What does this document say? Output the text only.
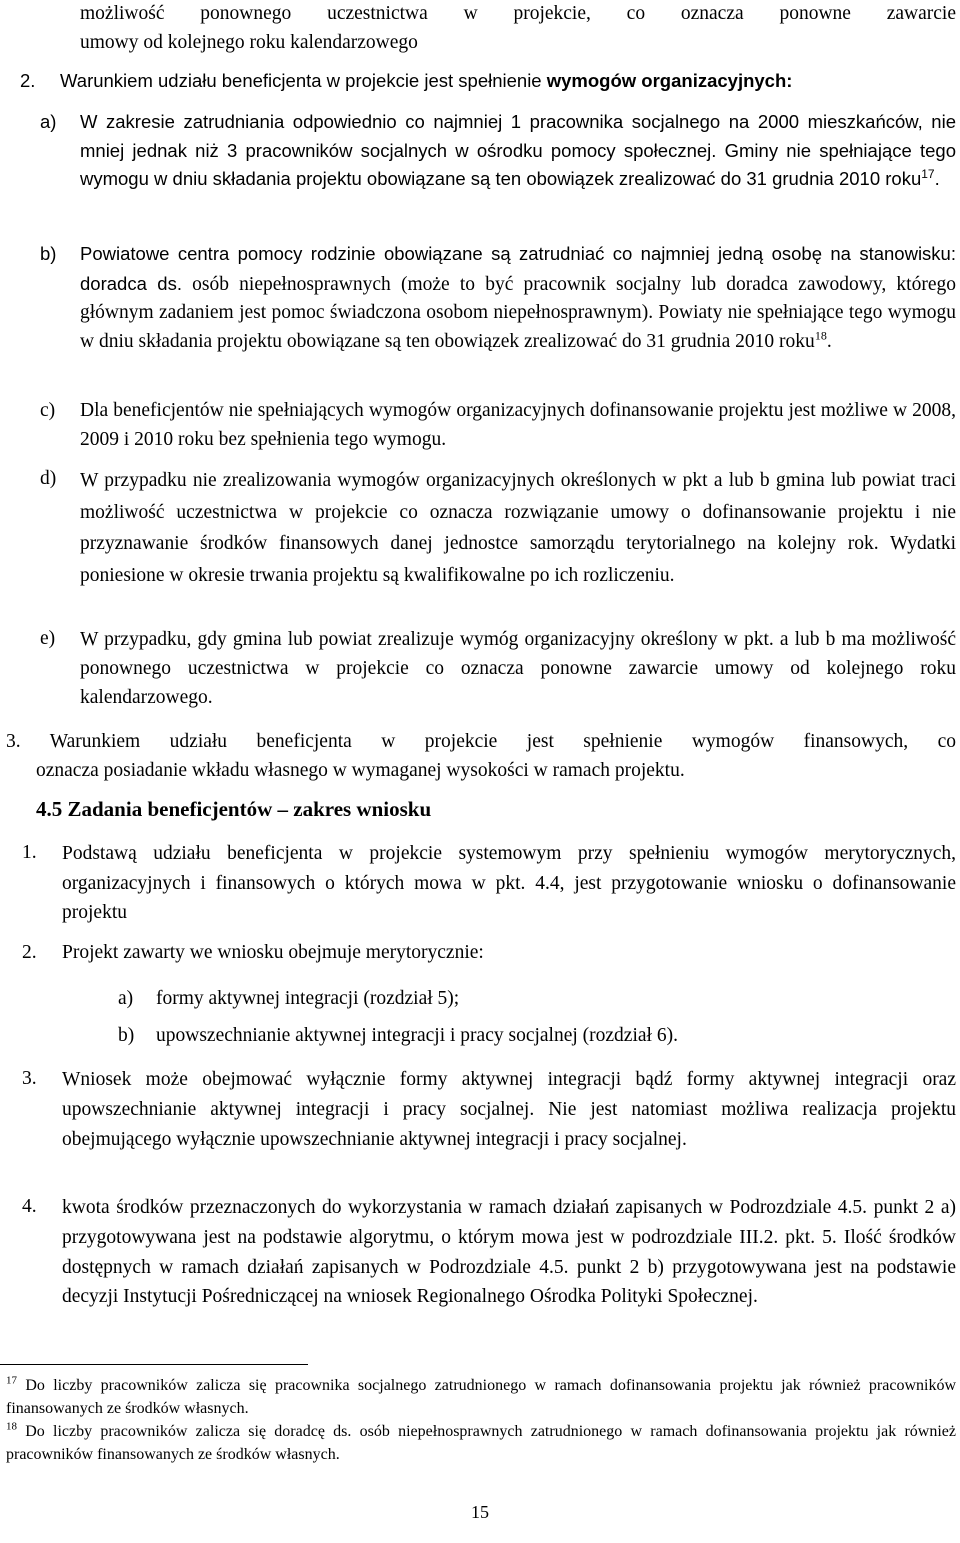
możliwość ponownego uczestnictwa w projekcie, co oznacza ponowne zawarcie
umowy od kolejnego roku kalendarzowego
2.	Warunkiem udziału beneficjenta w projekcie jest spełnienie wymogów organizacyjnych:
a)	W zakresie zatrudniania odpowiednio co najmniej 1 pracownika socjalnego na 2000 mieszkańców, nie mniej jednak niż 3 pracowników socjalnych w ośrodku pomocy społecznej. Gminy nie spełniające tego wymogu w dniu składania projektu obowiązane są ten obowiązek zrealizować do 31 grudnia 2010 roku$^{17}$.
b)	Powiatowe centra pomocy rodzinie obowiązane są zatrudniać co najmniej jedną osobę na stanowisku: doradca ds. osób niepełnosprawnych (może to być pracownik socjalny lub doradca zawodowy, którego głównym zadaniem jest pomoc świadczona osobom niepełnosprawnym). Powiaty nie spełniające tego wymogu w dniu składania projektu obowiązane są ten obowiązek zrealizować do 31 grudnia 2010 roku$^{18}$.
c)	Dla beneficjentów nie spełniających wymogów organizacyjnych dofinansowanie projektu jest możliwe w 2008, 2009 i 2010 roku bez spełnienia tego wymogu.
d)	W przypadku nie zrealizowania wymogów organizacyjnych określonych w pkt a lub b gmina lub powiat traci możliwość uczestnictwa w projekcie co oznacza rozwiązanie umowy o dofinansowanie projektu i nie przyznawanie środków finansowych danej jednostce samorządu terytorialnego na kolejny rok. Wydatki poniesione w okresie trwania projektu są kwalifikowalne po ich rozliczeniu.
e)	W przypadku, gdy gmina lub powiat zrealizuje wymóg organizacyjny określony w pkt. a lub b ma możliwość ponownego uczestnictwa w projekcie co oznacza ponowne zawarcie umowy od kolejnego roku kalendarzowego.
3. Warunkiem udziału beneficjenta w projekcie jest spełnienie wymogów finansowych, co
oznacza posiadanie wkładu własnego w wymaganej wysokości w ramach projektu.
4.5 Zadania beneficjentów – zakres wniosku
1.	Podstawą udziału beneficjenta w projekcie systemowym przy spełnieniu wymogów merytorycznych, organizacyjnych i finansowych o których mowa w pkt. 4.4, jest przygotowanie wniosku o dofinansowanie projektu
2.	Projekt zawarty we wniosku obejmuje merytorycznie:
a)	formy aktywnej integracji (rozdział 5);
b)	upowszechnianie aktywnej integracji i pracy socjalnej (rozdział 6).
3.	Wniosek może obejmować wyłącznie formy aktywnej integracji bądź formy aktywnej integracji oraz upowszechnianie aktywnej integracji i pracy socjalnej. Nie jest natomiast możliwa realizacja projektu obejmującego wyłącznie upowszechnianie aktywnej integracji i pracy socjalnej.
4.	kwota środków przeznaczonych do wykorzystania w ramach działań zapisanych w Podrozdziale 4.5. punkt 2 a) przygotowywana jest na podstawie algorytmu, o którym mowa jest w podrozdziale III.2. pkt. 5. Ilość środków dostępnych w ramach działań zapisanych w Podrozdziale 4.5. punkt 2 b) przygotowywana jest na podstawie decyzji Instytucji Pośredniczącej na wniosek Regionalnego Ośrodka Polityki Społecznej.
$^{17}$ Do liczby pracowników zalicza się pracownika socjalnego zatrudnionego w ramach dofinansowania projektu jak również pracowników finansowanych ze środków własnych.
$^{18}$ Do liczby pracowników zalicza się doradcę ds. osób niepełnosprawnych zatrudnionego w ramach dofinansowania projektu jak również pracowników finansowanych ze środków własnych.
15
